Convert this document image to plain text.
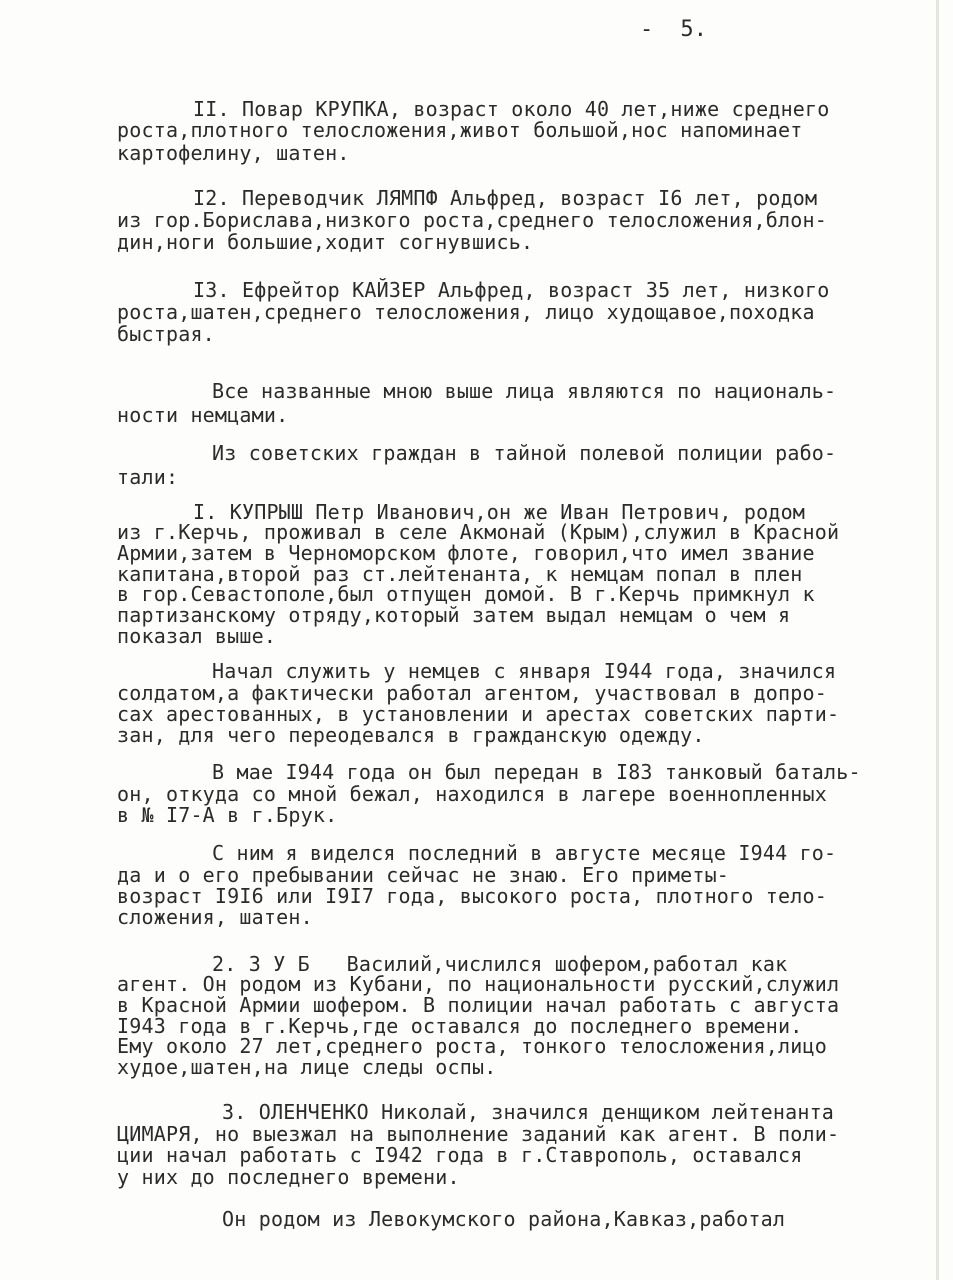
-  5.
II. Повар КРУПКА, возраст около 40 лет,ниже среднего
роста,плотного телосложения,живот большой,нос напоминает
картофелину, шатен.
I2. Переводчик ЛЯМПФ Альфред, возраст I6 лет, родом
из гор.Борислава,низкого роста,среднего телосложения,блон-
дин,ноги большие,ходит согнувшись.
I3. Ефрейтор КАЙЗЕР Альфред, возраст 35 лет, низкого
роста,шатен,среднего телосложения, лицо худощавое,походка
быстрая.
Все названные мною выше лица являются по националь-
ности немцами.
Из советских граждан в тайной полевой полиции рабо-
тали:
I. КУПРЫШ Петр Иванович,он же Иван Петрович, родом
из г.Керчь, проживал в селе Акмонай (Крым),служил в Красной
Армии,затем в Черноморском флоте, говорил,что имел звание
капитана,второй раз ст.лейтенанта, к немцам попал в плен
в гор.Севастополе,был отпущен домой. В г.Керчь примкнул к
партизанскому отряду,который затем выдал немцам о чем я
показал выше.
Начал служить у немцев с января I944 года, значился
солдатом,а фактически работал агентом, участвовал в допро-
сах арестованных, в установлении и арестах советских парти-
зан, для чего переодевался в гражданскую одежду.
В мае I944 года он был передан в I83 танковый баталь-
он, откуда со мной бежал, находился в лагере военнопленных
в № I7-А в г.Брук.
С ним я виделся последний в августе месяце I944 го-
да и о его пребывании сейчас не знаю. Его приметы-
возраст I9I6 или I9I7 года, высокого роста, плотного тело-
сложения, шатен.
2. З У Б   Василий,числился шофером,работал как
агент. Он родом из Кубани, по национальности русский,служил
в Красной Армии шофером. В полиции начал работать с августа
I943 года в г.Керчь,где оставался до последнего времени.
Ему около 27 лет,среднего роста, тонкого телосложения,лицо
худое,шатен,на лице следы оспы.
3. ОЛЕНЧЕНКО Николай, значился денщиком лейтенанта
ЦИМАРЯ, но выезжал на выполнение заданий как агент. В поли-
ции начал работать с I942 года в г.Ставрополь, оставался
у них до последнего времени.
Он родом из Левокумского района,Кавказ,работал
